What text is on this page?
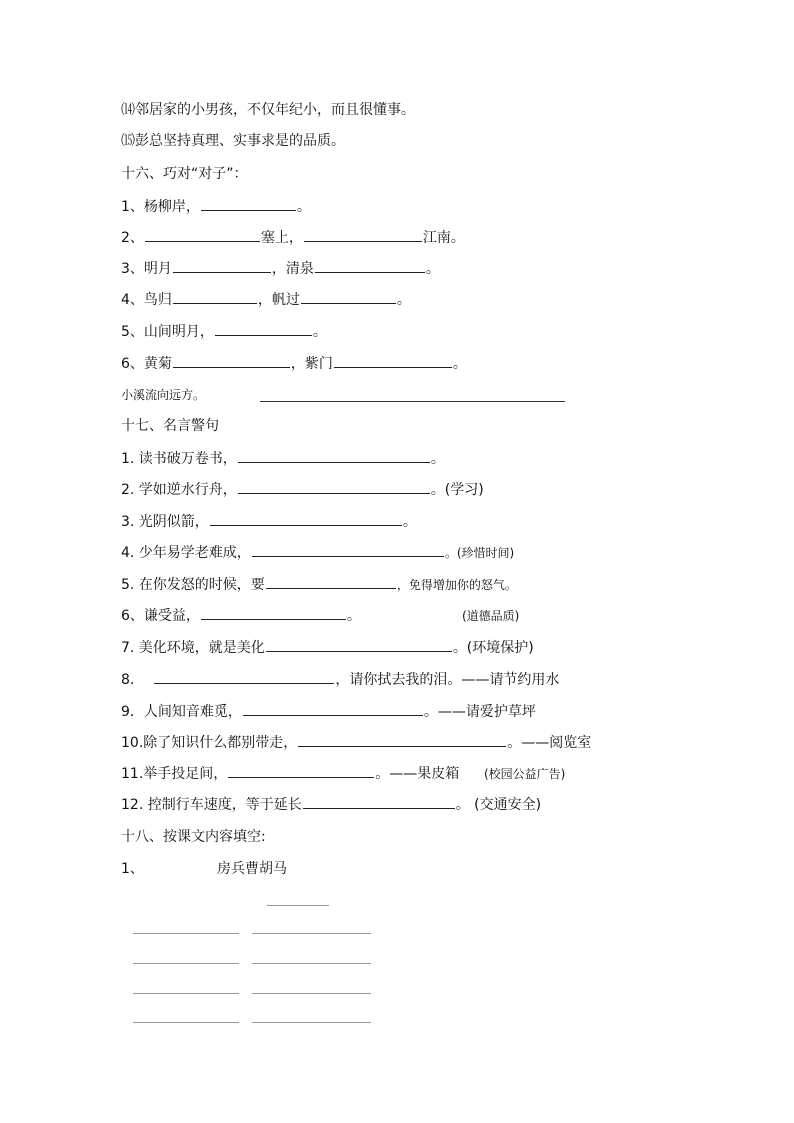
⒁邻居家的小男孩，不仅年纪小，而且很懂事。
⒂彭总坚持真理、实事求是的品质。
十六、巧对“对子”：
1、杨柳岸，	。
2、	塞上，	江南。
3、明月	，清泉	。
4、鸟归	，帆过	。
5、山间明月，	。
6、黄菊	，紫门	。
小溪流向远方。
十七、名言警句
1. 读书破万卷书，	。
2. 学如逆水行舟，	。(学习)
3. 光阴似箭，	。
4. 少年易学老难成，	。(珍惜时间)
5. 在你发怒的时候，要	，免得增加你的怒气。
6、谦受益，	。	(道德品质)
7. 美化环境，就是美化	。(环境保护)
8.	，请你拭去我的泪。——请节约用水
9．人间知音难觅，	。——请爱护草坪
10.除了知识什么都别带走，	。——阅览室
11.举手投足间，	。——果皮箱 (校园公益广告)
12. 控制行车速度，等于延长	。 (交通安全)
十八、按课文内容填空:
1、	房兵曹胡马
